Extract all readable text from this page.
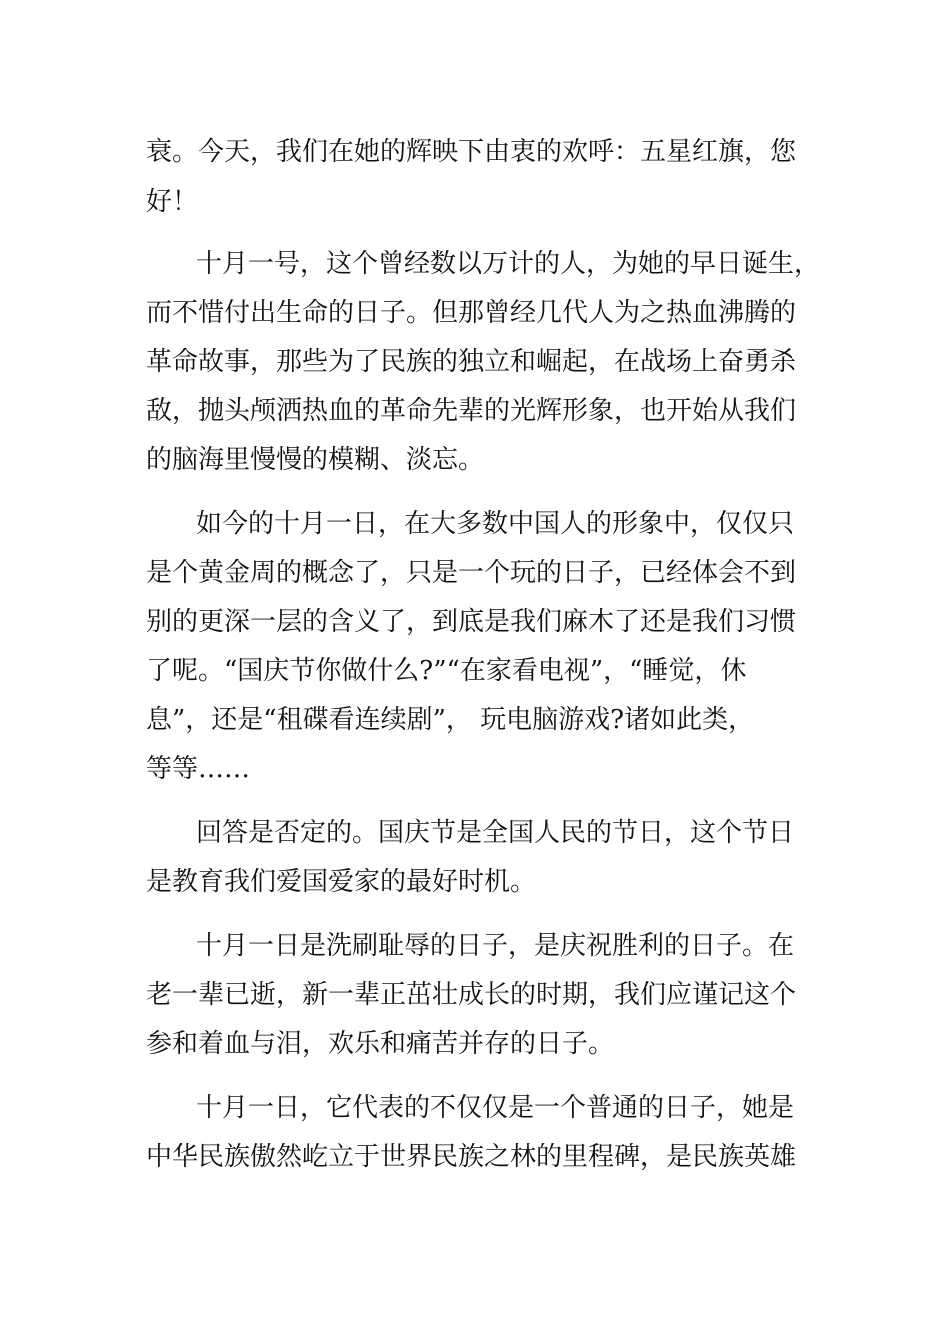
衰。今天，我们在她的辉映下由衷的欢呼：五星红旗，您
好！
十月一号，这个曾经数以万计的人，为她的早日诞生，
而不惜付出生命的日子。但那曾经几代人为之热血沸腾的
革命故事，那些为了民族的独立和崛起，在战场上奋勇杀
敌，抛头颅洒热血的革命先辈的光辉形象，也开始从我们
的脑海里慢慢的模糊、淡忘。
如今的十月一日，在大多数中国人的形象中，仅仅只
是个黄金周的概念了，只是一个玩的日子，已经体会不到
别的更深一层的含义了，到底是我们麻木了还是我们习惯
了呢。“国庆节你做什么?”“在家看电视”，“睡觉，休
息”，还是“租碟看连续剧”， 玩电脑游戏?诸如此类，
等等……
回答是否定的。国庆节是全国人民的节日，这个节日
是教育我们爱国爱家的最好时机。
十月一日是洗刷耻辱的日子，是庆祝胜利的日子。在
老一辈已逝，新一辈正茁壮成长的时期，我们应谨记这个
参和着血与泪，欢乐和痛苦并存的日子。
十月一日，它代表的不仅仅是一个普通的日子，她是
中华民族傲然屹立于世界民族之林的里程碑，是民族英雄
